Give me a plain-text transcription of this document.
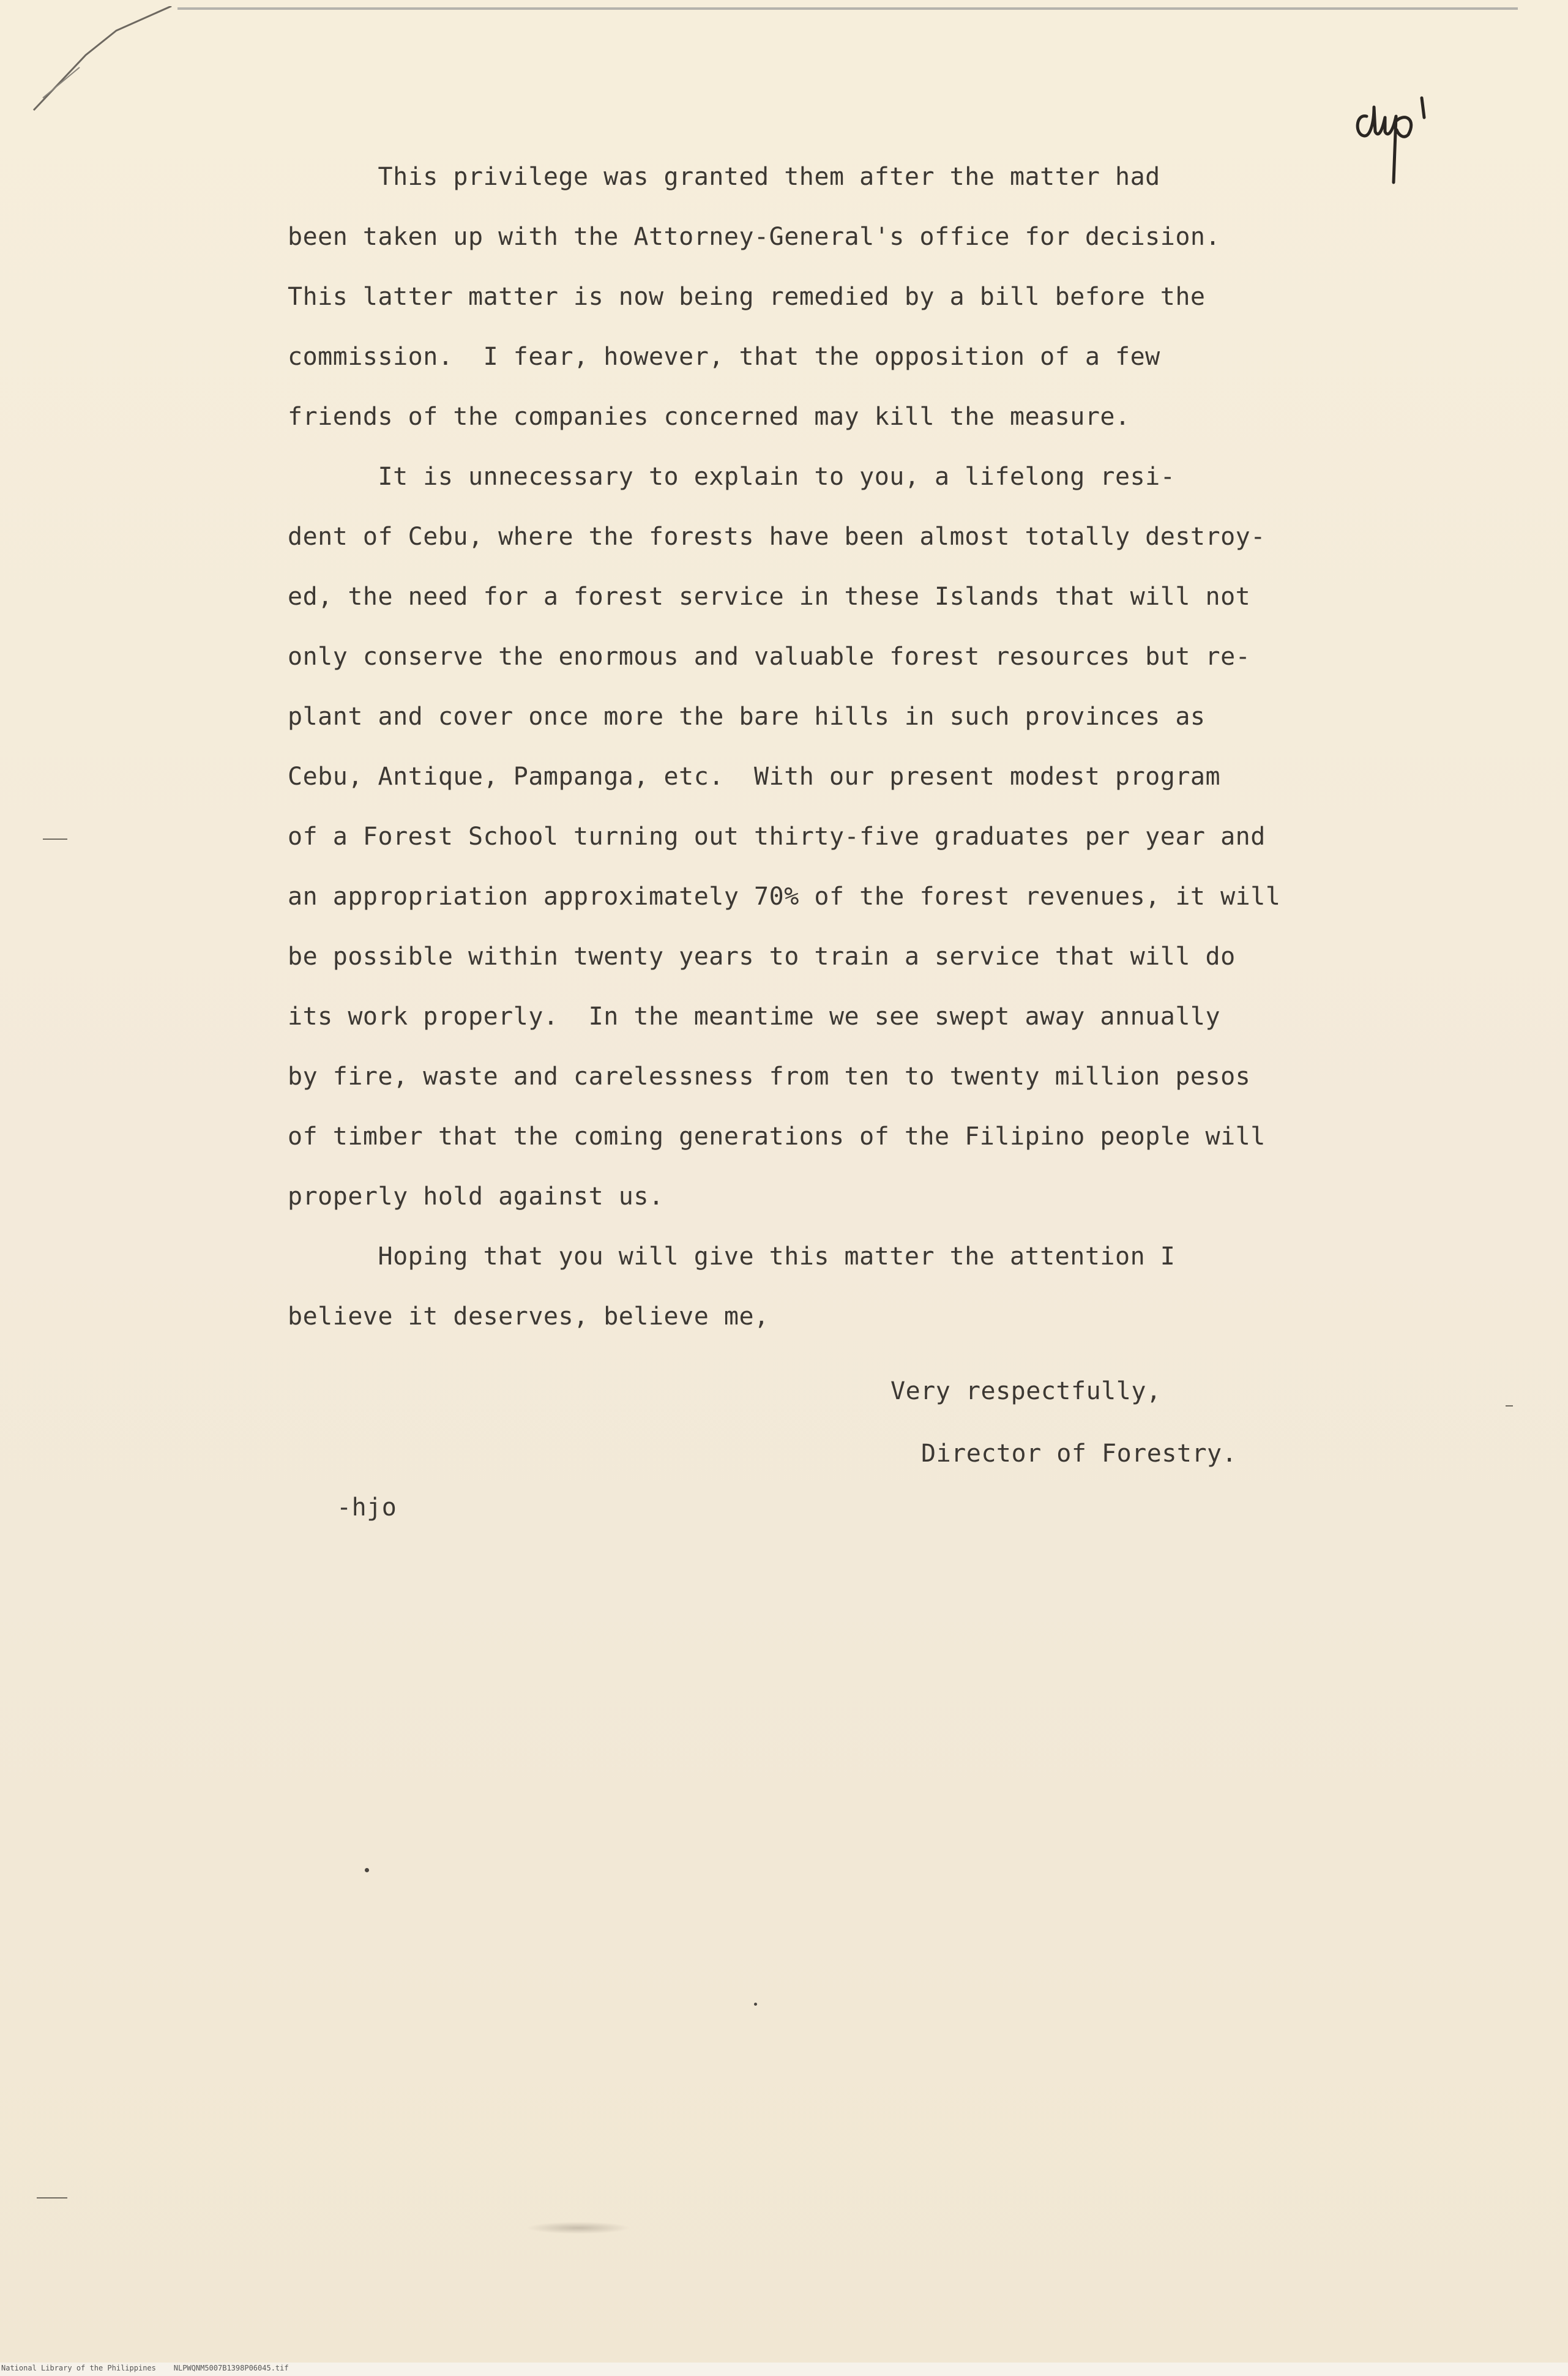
This privilege was granted them after the matter had
been taken up with the Attorney-General's office for decision.
This latter matter is now being remedied by a bill before the
commission.  I fear, however, that the opposition of a few
friends of the companies concerned may kill the measure.
It is unnecessary to explain to you, a lifelong resi-
dent of Cebu, where the forests have been almost totally destroy-
ed, the need for a forest service in these Islands that will not
only conserve the enormous and valuable forest resources but re-
plant and cover once more the bare hills in such provinces as
Cebu, Antique, Pampanga, etc.  With our present modest program
of a Forest School turning out thirty-five graduates per year and
an appropriation approximately 70% of the forest revenues, it will
be possible within twenty years to train a service that will do
its work properly.  In the meantime we see swept away annually
by fire, waste and carelessness from ten to twenty million pesos
of timber that the coming generations of the Filipino people will
properly hold against us.
Hoping that you will give this matter the attention I
believe it deserves, believe me,
Very respectfully,
Director of Forestry.
-hjo
National Library of the Philippines    NLPWQNM5007B1398P06045.tif
